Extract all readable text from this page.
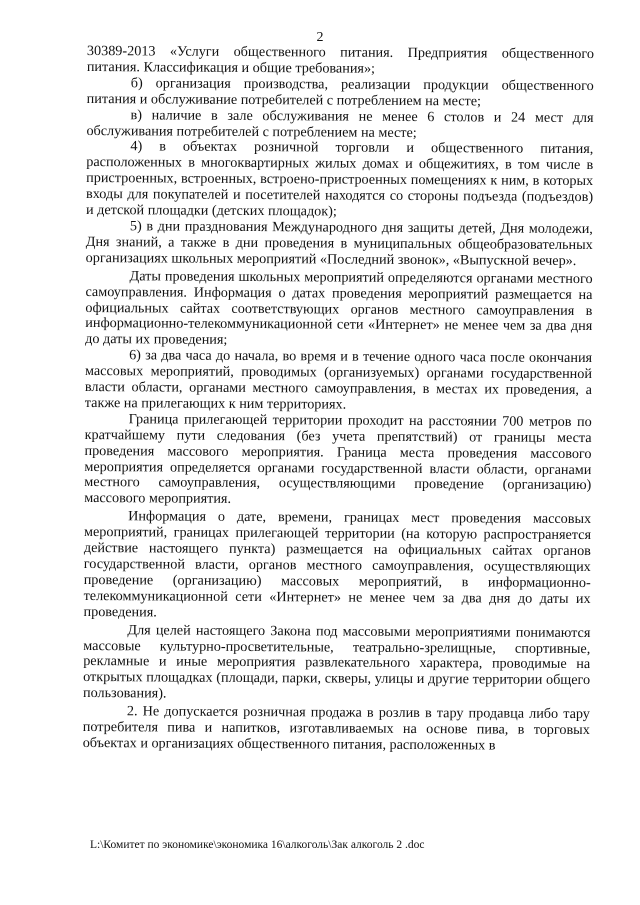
2

30389-2013 «Услуги общественного питания. Предприятия общественного питания. Классификация и общие требования»;

б) организация производства, реализации продукции общественного питания и обслуживание потребителей с потреблением на месте;

в) наличие в зале обслуживания не менее 6 столов и 24 мест для обслуживания потребителей с потреблением на месте;

4) в объектах розничной торговли и общественного питания, расположенных в многоквартирных жилых домах и общежитиях, в том числе в пристроенных, встроенных, встроено-пристроенных помещениях к ним, в которых входы для покупателей и посетителей находятся со стороны подъезда (подъездов) и детской площадки (детских площадок);

5) в дни празднования Международного дня защиты детей, Дня молодежи, Дня знаний, а также в дни проведения в муниципальных общеобразовательных организациях школьных мероприятий «Последний звонок», «Выпускной вечер».

Даты проведения школьных мероприятий определяются органами местного самоуправления. Информация о датах проведения мероприятий размещается на официальных сайтах соответствующих органов местного самоуправления в информационно-телекоммуникационной сети «Интернет» не менее чем за два дня до даты их проведения;

6) за два часа до начала, во время и в течение одного часа после окончания массовых мероприятий, проводимых (организуемых) органами государственной власти области, органами местного самоуправления, в местах их проведения, а также на прилегающих к ним территориях.

Граница прилегающей территории проходит на расстоянии 700 метров по кратчайшему пути следования (без учета препятствий) от границы места проведения массового мероприятия. Граница места проведения массового мероприятия определяется органами государственной власти области, органами местного самоуправления, осуществляющими проведение (организацию) массового мероприятия.

Информация о дате, времени, границах мест проведения массовых мероприятий, границах прилегающей территории (на которую распространяется действие настоящего пункта) размещается на официальных сайтах органов государственной власти, органов местного самоуправления, осуществляющих проведение (организацию) массовых мероприятий, в информационно-телекоммуникационной сети «Интернет» не менее чем за два дня до даты их проведения.

Для целей настоящего Закона под массовыми мероприятиями понимаются массовые культурно-просветительные, театрально-зрелищные, спортивные, рекламные и иные мероприятия развлекательного характера, проводимые на открытых площадках (площади, парки, скверы, улицы и другие территории общего пользования).

2. Не допускается розничная продажа в розлив в тару продавца либо тару потребителя пива и напитков, изготавливаемых на основе пива, в торговых объектах и организациях общественного питания, расположенных в

L:\Комитет по экономике\экономика 16\алкоголь\Зак алкоголь 2 .doc
